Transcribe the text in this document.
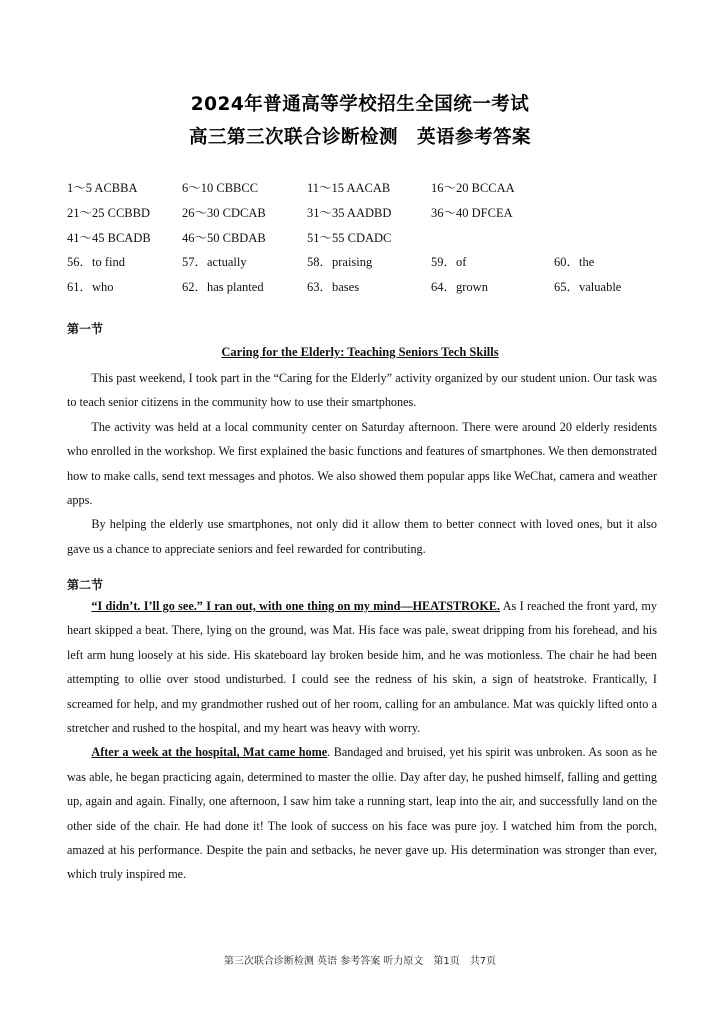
2024年普通高等学校招生全国统一考试
高三第三次联合诊断检测　英语参考答案
1～5 ACBBA	6～10 CBBCC	11～15 AACAB	16～20 BCCAA
21～25 CCBBD	26～30 CDCAB	31～35 AADBD	36～40 DFCEA
41～45 BCADB	46～50 CBDAB	51～55 CDADC
56．to find	57．actually	58．praising	59．of	60．the
61．who	62．has planted	63．bases	64．grown	65．valuable
第一节
Caring for the Elderly: Teaching Seniors Tech Skills

This past weekend, I took part in the “Caring for the Elderly” activity organized by our student union. Our task was to teach senior citizens in the community how to use their smartphones.

The activity was held at a local community center on Saturday afternoon. There were around 20 elderly residents who enrolled in the workshop. We first explained the basic functions and features of smartphones. We then demonstrated how to make calls, send text messages and photos. We also showed them popular apps like WeChat, camera and weather apps.

By helping the elderly use smartphones, not only did it allow them to better connect with loved ones, but it also gave us a chance to appreciate seniors and feel rewarded for contributing.

第二节

“I didn’t. I’ll go see.” I ran out, with one thing on my mind—HEATSTROKE. As I reached the front yard, my heart skipped a beat. There, lying on the ground, was Mat. His face was pale, sweat dripping from his forehead, and his left arm hung loosely at his side. His skateboard lay broken beside him, and he was motionless. The chair he had been attempting to ollie over stood undisturbed. I could see the redness of his skin, a sign of heatstroke. Frantically, I screamed for help, and my grandmother rushed out of her room, calling for an ambulance. Mat was quickly lifted onto a stretcher and rushed to the hospital, and my heart was heavy with worry.

After a week at the hospital, Mat came home. Bandaged and bruised, yet his spirit was unbroken. As soon as he was able, he began practicing again, determined to master the ollie. Day after day, he pushed himself, falling and getting up, again and again. Finally, one afternoon, I saw him take a running start, leap into the air, and successfully land on the other side of the chair. He had done it! The look of success on his face was pure joy. I watched him from the porch, amazed at his performance. Despite the pain and setbacks, he never gave up. His determination was stronger than ever, which truly inspired me.

第三次联合诊断检测 英语 参考答案 听力原文　第1页　共7页
